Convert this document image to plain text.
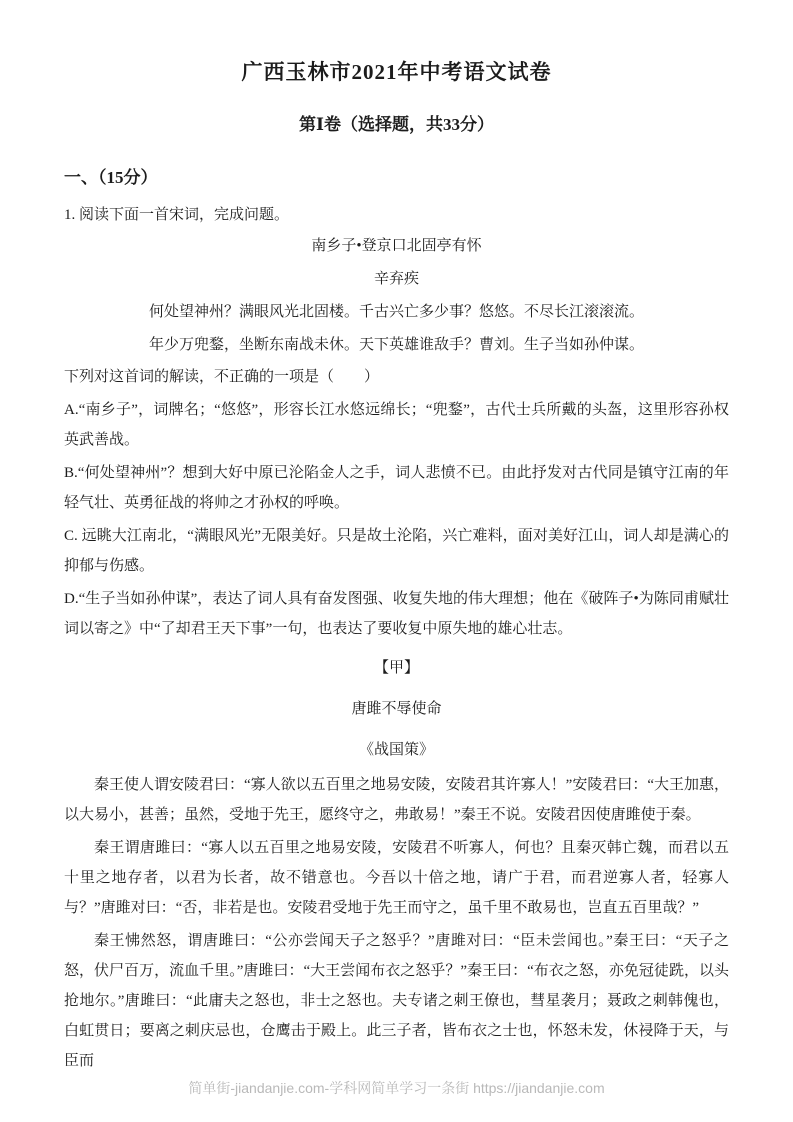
广西玉林市2021年中考语文试卷
第Ⅰ卷（选择题，共33分）
一、（15分）

1. 阅读下面一首宋词，完成问题。

南乡子•登京口北固亭有怀

辛弃疾

何处望神州？满眼风光北固楼。千古兴亡多少事？悠悠。不尽长江滚滚流。

年少万兜鍪，坐断东南战未休。天下英雄谁敌手？曹刘。生子当如孙仲谋。

下列对这首词的解读，不正确的一项是（　　）

A.“南乡子”，词牌名；“悠悠”，形容长江水悠远绵长；“兜鍪”，古代士兵所戴的头盔，这里形容孙权英武善战。

B.“何处望神州”？想到大好中原已沦陷金人之手，词人悲愤不已。由此抒发对古代同是镇守江南的年轻气壮、英勇征战的将帅之才孙权的呼唤。

C. 远眺大江南北，“满眼风光”无限美好。只是故土沦陷，兴亡难料，面对美好江山，词人却是满心的抑郁与伤感。

D.“生子当如孙仲谋”，表达了词人具有奋发图强、收复失地的伟大理想；他在《破阵子•为陈同甫赋壮词以寄之》中“了却君王天下事”一句，也表达了要收复中原失地的雄心壮志。

【甲】

唐雎不辱使命

《战国策》

秦王使人谓安陵君曰：“寡人欲以五百里之地易安陵，安陵君其许寡人！”安陵君曰：“大王加惠，以大易小，甚善；虽然，受地于先王，愿终守之，弗敢易！”秦王不说。安陵君因使唐雎使于秦。

秦王谓唐雎曰：“寡人以五百里之地易安陵，安陵君不听寡人，何也？且秦灭韩亡魏，而君以五十里之地存者，以君为长者，故不错意也。今吾以十倍之地，请广于君，而君逆寡人者，轻寡人与？”唐雎对曰：“否，非若是也。安陵君受地于先王而守之，虽千里不敢易也，岂直五百里哉？”

秦王怫然怒，谓唐雎曰：“公亦尝闻天子之怒乎？”唐雎对曰：“臣未尝闻也。”秦王曰：“天子之怒，伏尸百万，流血千里。”唐雎曰：“大王尝闻布衣之怒乎？”秦王曰：“布衣之怒，亦免冠徒跣，以头抢地尔。”唐雎曰：“此庸夫之怒也，非士之怒也。夫专诸之刺王僚也，彗星袭月；聂政之刺韩傀也，白虹贯日；要离之刺庆忌也，仓鹰击于殿上。此三子者，皆布衣之士也，怀怒未发，休祲降于天，与臣而

简单街-jiandanjie.com-学科网简单学习一条街 https://jiandanjie.com
